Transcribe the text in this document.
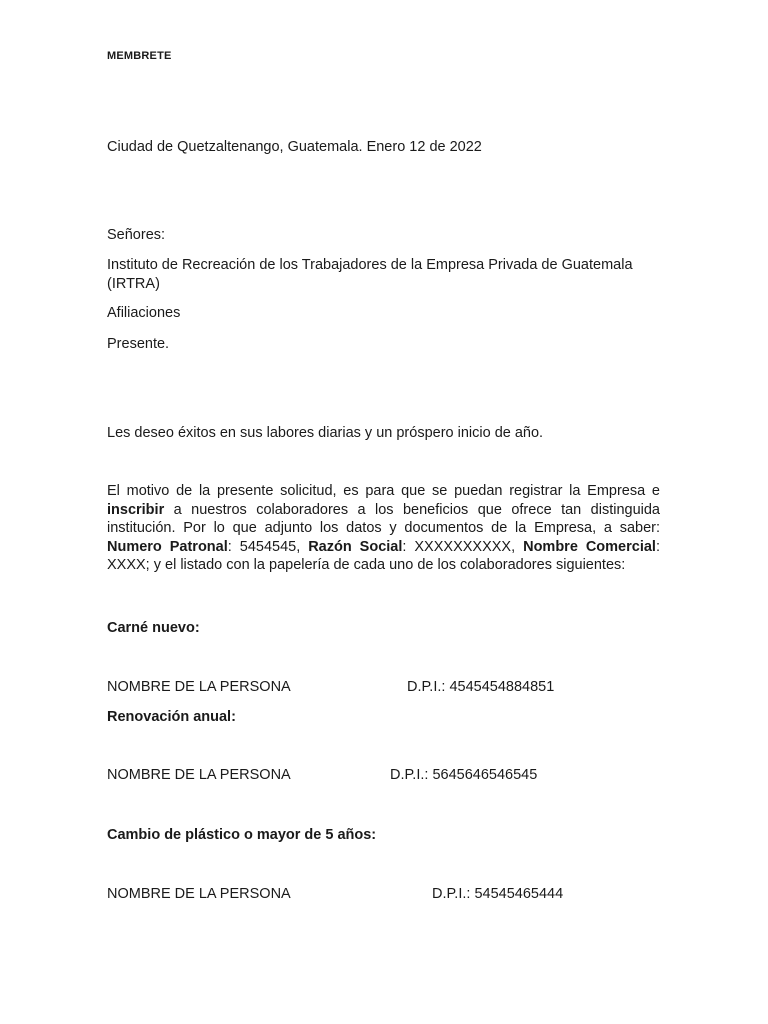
MEMBRETE
Ciudad de Quetzaltenango, Guatemala. Enero 12 de 2022
Señores:
Instituto de Recreación de los Trabajadores de la Empresa Privada de Guatemala (IRTRA)
Afiliaciones
Presente.
Les deseo éxitos en sus labores diarias y un próspero inicio de año.
El motivo de la presente solicitud, es para que se puedan registrar la Empresa e inscribir a nuestros colaboradores a los beneficios que ofrece tan distinguida institución. Por lo que adjunto los datos y documentos de la Empresa, a saber: Numero Patronal: 5454545, Razón Social: XXXXXXXXXX, Nombre Comercial: XXXX; y el listado con la papelería de cada uno de los colaboradores siguientes:
Carné nuevo:
NOMBRE DE LA PERSONA	D.P.I.: 4545454884851
Renovación anual:
NOMBRE DE LA PERSONA	D.P.I.: 5645646546545
Cambio de plástico o mayor de 5 años:
NOMBRE DE LA PERSONA	D.P.I.: 54545465444
